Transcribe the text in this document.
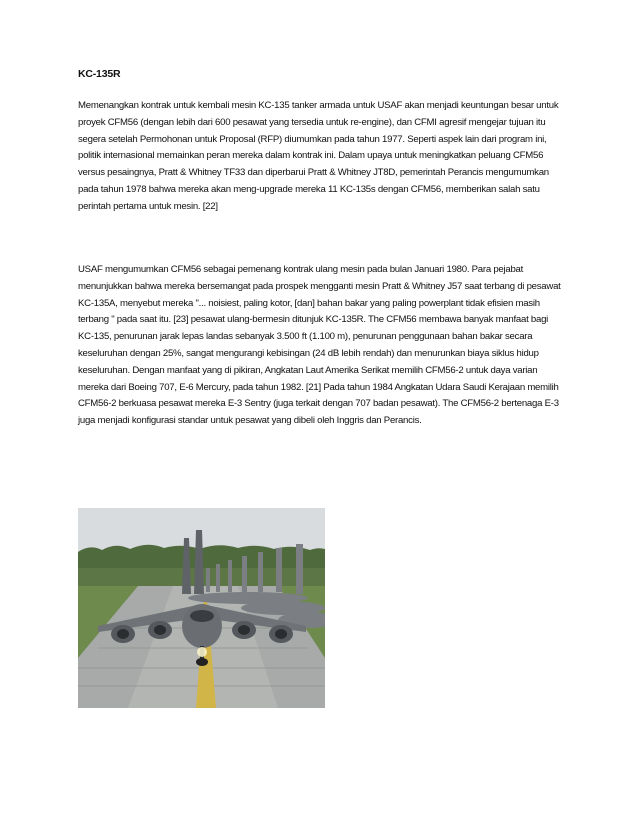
KC-135R

Memenangkan kontrak untuk kembali mesin KC-135 tanker armada untuk USAF akan menjadi keuntungan besar untuk proyek CFM56 (dengan lebih dari 600 pesawat yang tersedia untuk re-engine), dan CFMI agresif mengejar tujuan itu segera setelah Permohonan untuk Proposal (RFP) diumumkan pada tahun 1977. Seperti aspek lain dari program ini, politik internasional memainkan peran mereka dalam kontrak ini. Dalam upaya untuk meningkatkan peluang CFM56 versus pesaingnya, Pratt & Whitney TF33 dan diperbarui Pratt & Whitney JT8D, pemerintah Perancis mengumumkan pada tahun 1978 bahwa mereka akan meng-upgrade mereka 11 KC-135s dengan CFM56, memberikan salah satu perintah pertama untuk mesin. [22]

USAF mengumumkan CFM56 sebagai pemenang kontrak ulang mesin pada bulan Januari 1980. Para pejabat menunjukkan bahwa mereka bersemangat pada prospek mengganti mesin Pratt & Whitney J57 saat terbang di pesawat KC-135A, menyebut mereka "... noisiest, paling kotor, [dan] bahan bakar yang paling powerplant tidak efisien masih terbang " pada saat itu. [23] pesawat ulang-bermesin ditunjuk KC-135R. The CFM56 membawa banyak manfaat bagi KC-135, penurunan jarak lepas landas sebanyak 3.500 ft (1.100 m), penurunan penggunaan bahan bakar secara keseluruhan dengan 25%, sangat mengurangi kebisingan (24 dB lebih rendah) dan menurunkan biaya siklus hidup keseluruhan. Dengan manfaat yang di pikiran, Angkatan Laut Amerika Serikat memilih CFM56-2 untuk daya varian mereka dari Boeing 707, E-6 Mercury, pada tahun 1982. [21] Pada tahun 1984 Angkatan Udara Saudi Kerajaan memilih CFM56-2 berkuasa pesawat mereka E-3 Sentry (juga terkait dengan 707 badan pesawat). The CFM56-2 bertenaga E-3 juga menjadi konfigurasi standar untuk pesawat yang dibeli oleh Inggris dan Perancis.
